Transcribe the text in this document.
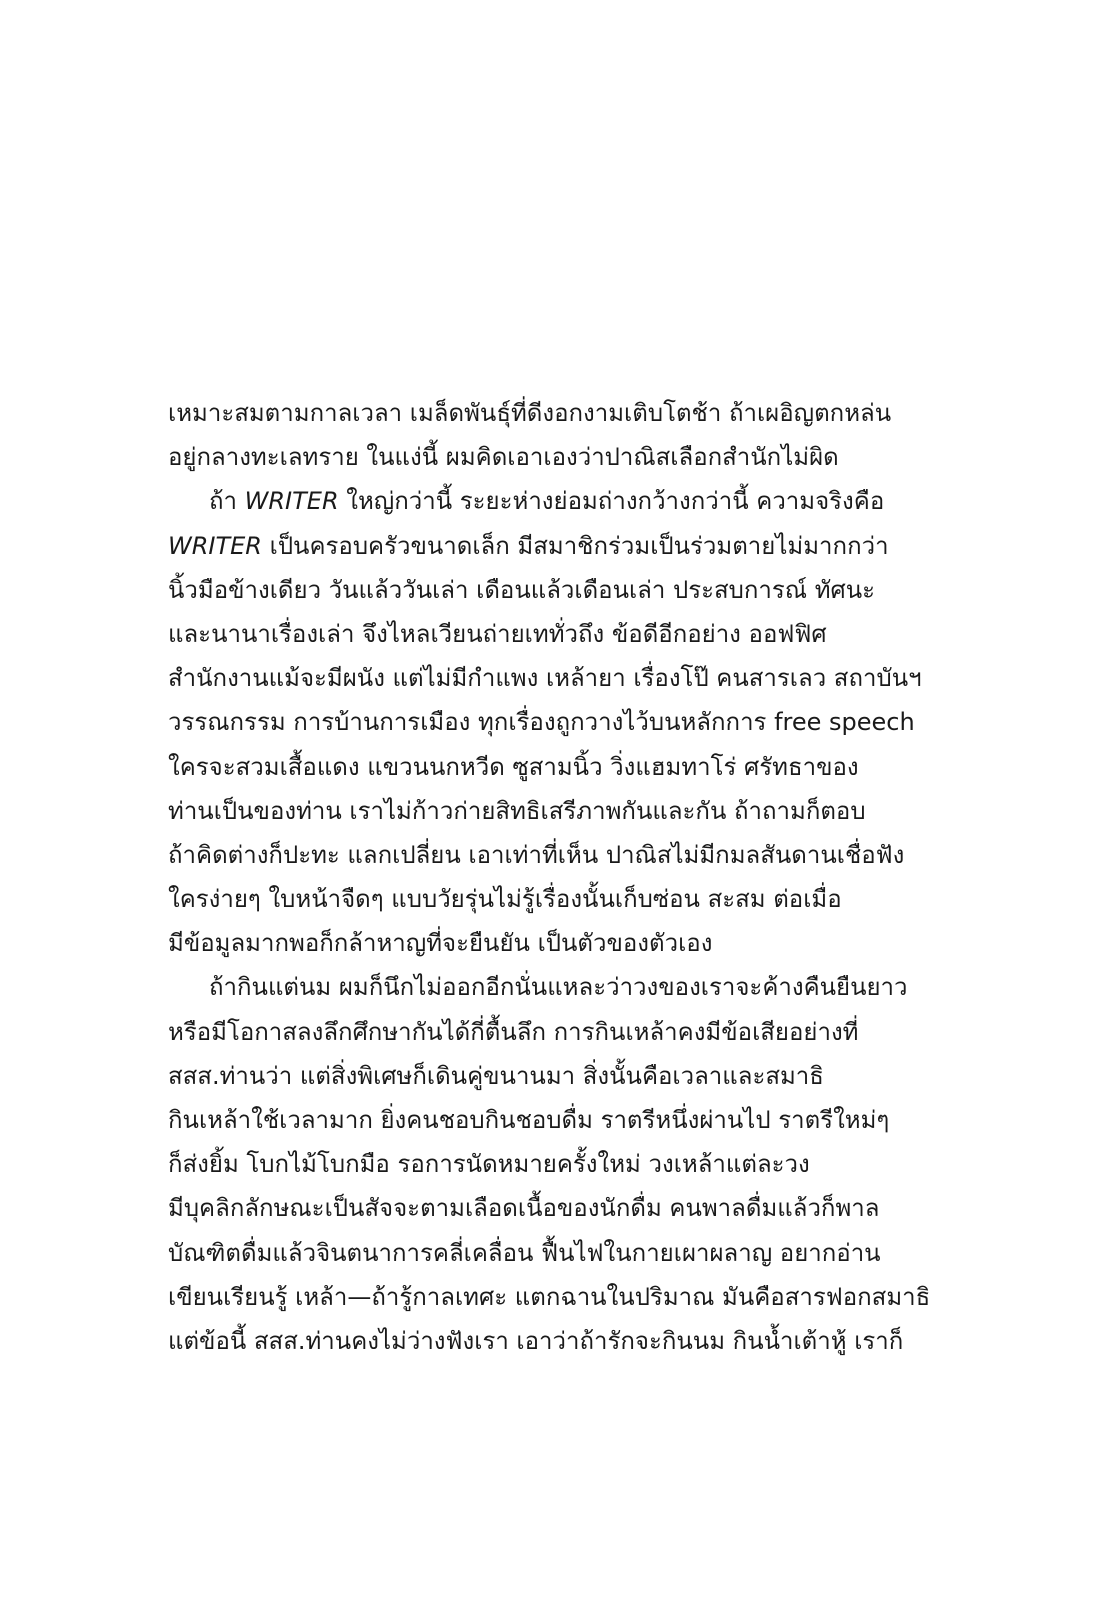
เหมาะสมตามกาลเวลา เมล็ดพันธุ์ที่ดีงอกงามเติบโตช้า ถ้าเผอิญตกหล่น
อยู่กลางทะเลทราย ในแง่นี้ ผมคิดเอาเองว่าปาณิสเลือกสำนักไม่ผิด
ถ้า WRITER ใหญ่กว่านี้ ระยะห่างย่อมถ่างกว้างกว่านี้ ความจริงคือ
WRITER เป็นครอบครัวขนาดเล็ก มีสมาชิกร่วมเป็นร่วมตายไม่มากกว่า
นิ้วมือข้างเดียว วันแล้ววันเล่า เดือนแล้วเดือนเล่า ประสบการณ์ ทัศนะ
และนานาเรื่องเล่า จึงไหลเวียนถ่ายเททั่วถึง ข้อดีอีกอย่าง ออฟฟิศ
สำนักงานแม้จะมีผนัง แต่ไม่มีกำแพง เหล้ายา เรื่องโป๊ คนสารเลว สถาบันฯ
วรรณกรรม การบ้านการเมือง ทุกเรื่องถูกวางไว้บนหลักการ free speech
ใครจะสวมเสื้อแดง แขวนนกหวีด ซูสามนิ้ว วิ่งแฮมทาโร่ ศรัทธาของ
ท่านเป็นของท่าน เราไม่ก้าวก่ายสิทธิเสรีภาพกันและกัน ถ้าถามก็ตอบ
ถ้าคิดต่างก็ปะทะ แลกเปลี่ยน เอาเท่าที่เห็น ปาณิสไม่มีกมลสันดานเชื่อฟัง
ใครง่ายๆ ใบหน้าจืดๆ แบบวัยรุ่นไม่รู้เรื่องนั้นเก็บซ่อน สะสม ต่อเมื่อ
มีข้อมูลมากพอก็กล้าหาญที่จะยืนยัน เป็นตัวของตัวเอง
ถ้ากินแต่นม ผมก็นึกไม่ออกอีกนั่นแหละว่าวงของเราจะค้างคืนยืนยาว
หรือมีโอกาสลงลึกศึกษากันได้กี่ตื้นลึก การกินเหล้าคงมีข้อเสียอย่างที่
สสส.ท่านว่า แต่สิ่งพิเศษก็เดินคู่ขนานมา สิ่งนั้นคือเวลาและสมาธิ
กินเหล้าใช้เวลามาก ยิ่งคนชอบกินชอบดื่ม ราตรีหนึ่งผ่านไป ราตรีใหม่ๆ
ก็ส่งยิ้ม โบกไม้โบกมือ รอการนัดหมายครั้งใหม่ วงเหล้าแต่ละวง
มีบุคลิกลักษณะเป็นสัจจะตามเลือดเนื้อของนักดื่ม คนพาลดื่มแล้วก็พาล
บัณฑิตดื่มแล้วจินตนาการคลี่เคลื่อน ฟื้นไฟในกายเผาผลาญ อยากอ่าน
เขียนเรียนรู้ เหล้า—ถ้ารู้กาลเทศะ แตกฉานในปริมาณ มันคือสารฟอกสมาธิ
แต่ข้อนี้ สสส.ท่านคงไม่ว่างฟังเรา เอาว่าถ้ารักจะกินนม กินน้ำเต้าหู้ เราก็
